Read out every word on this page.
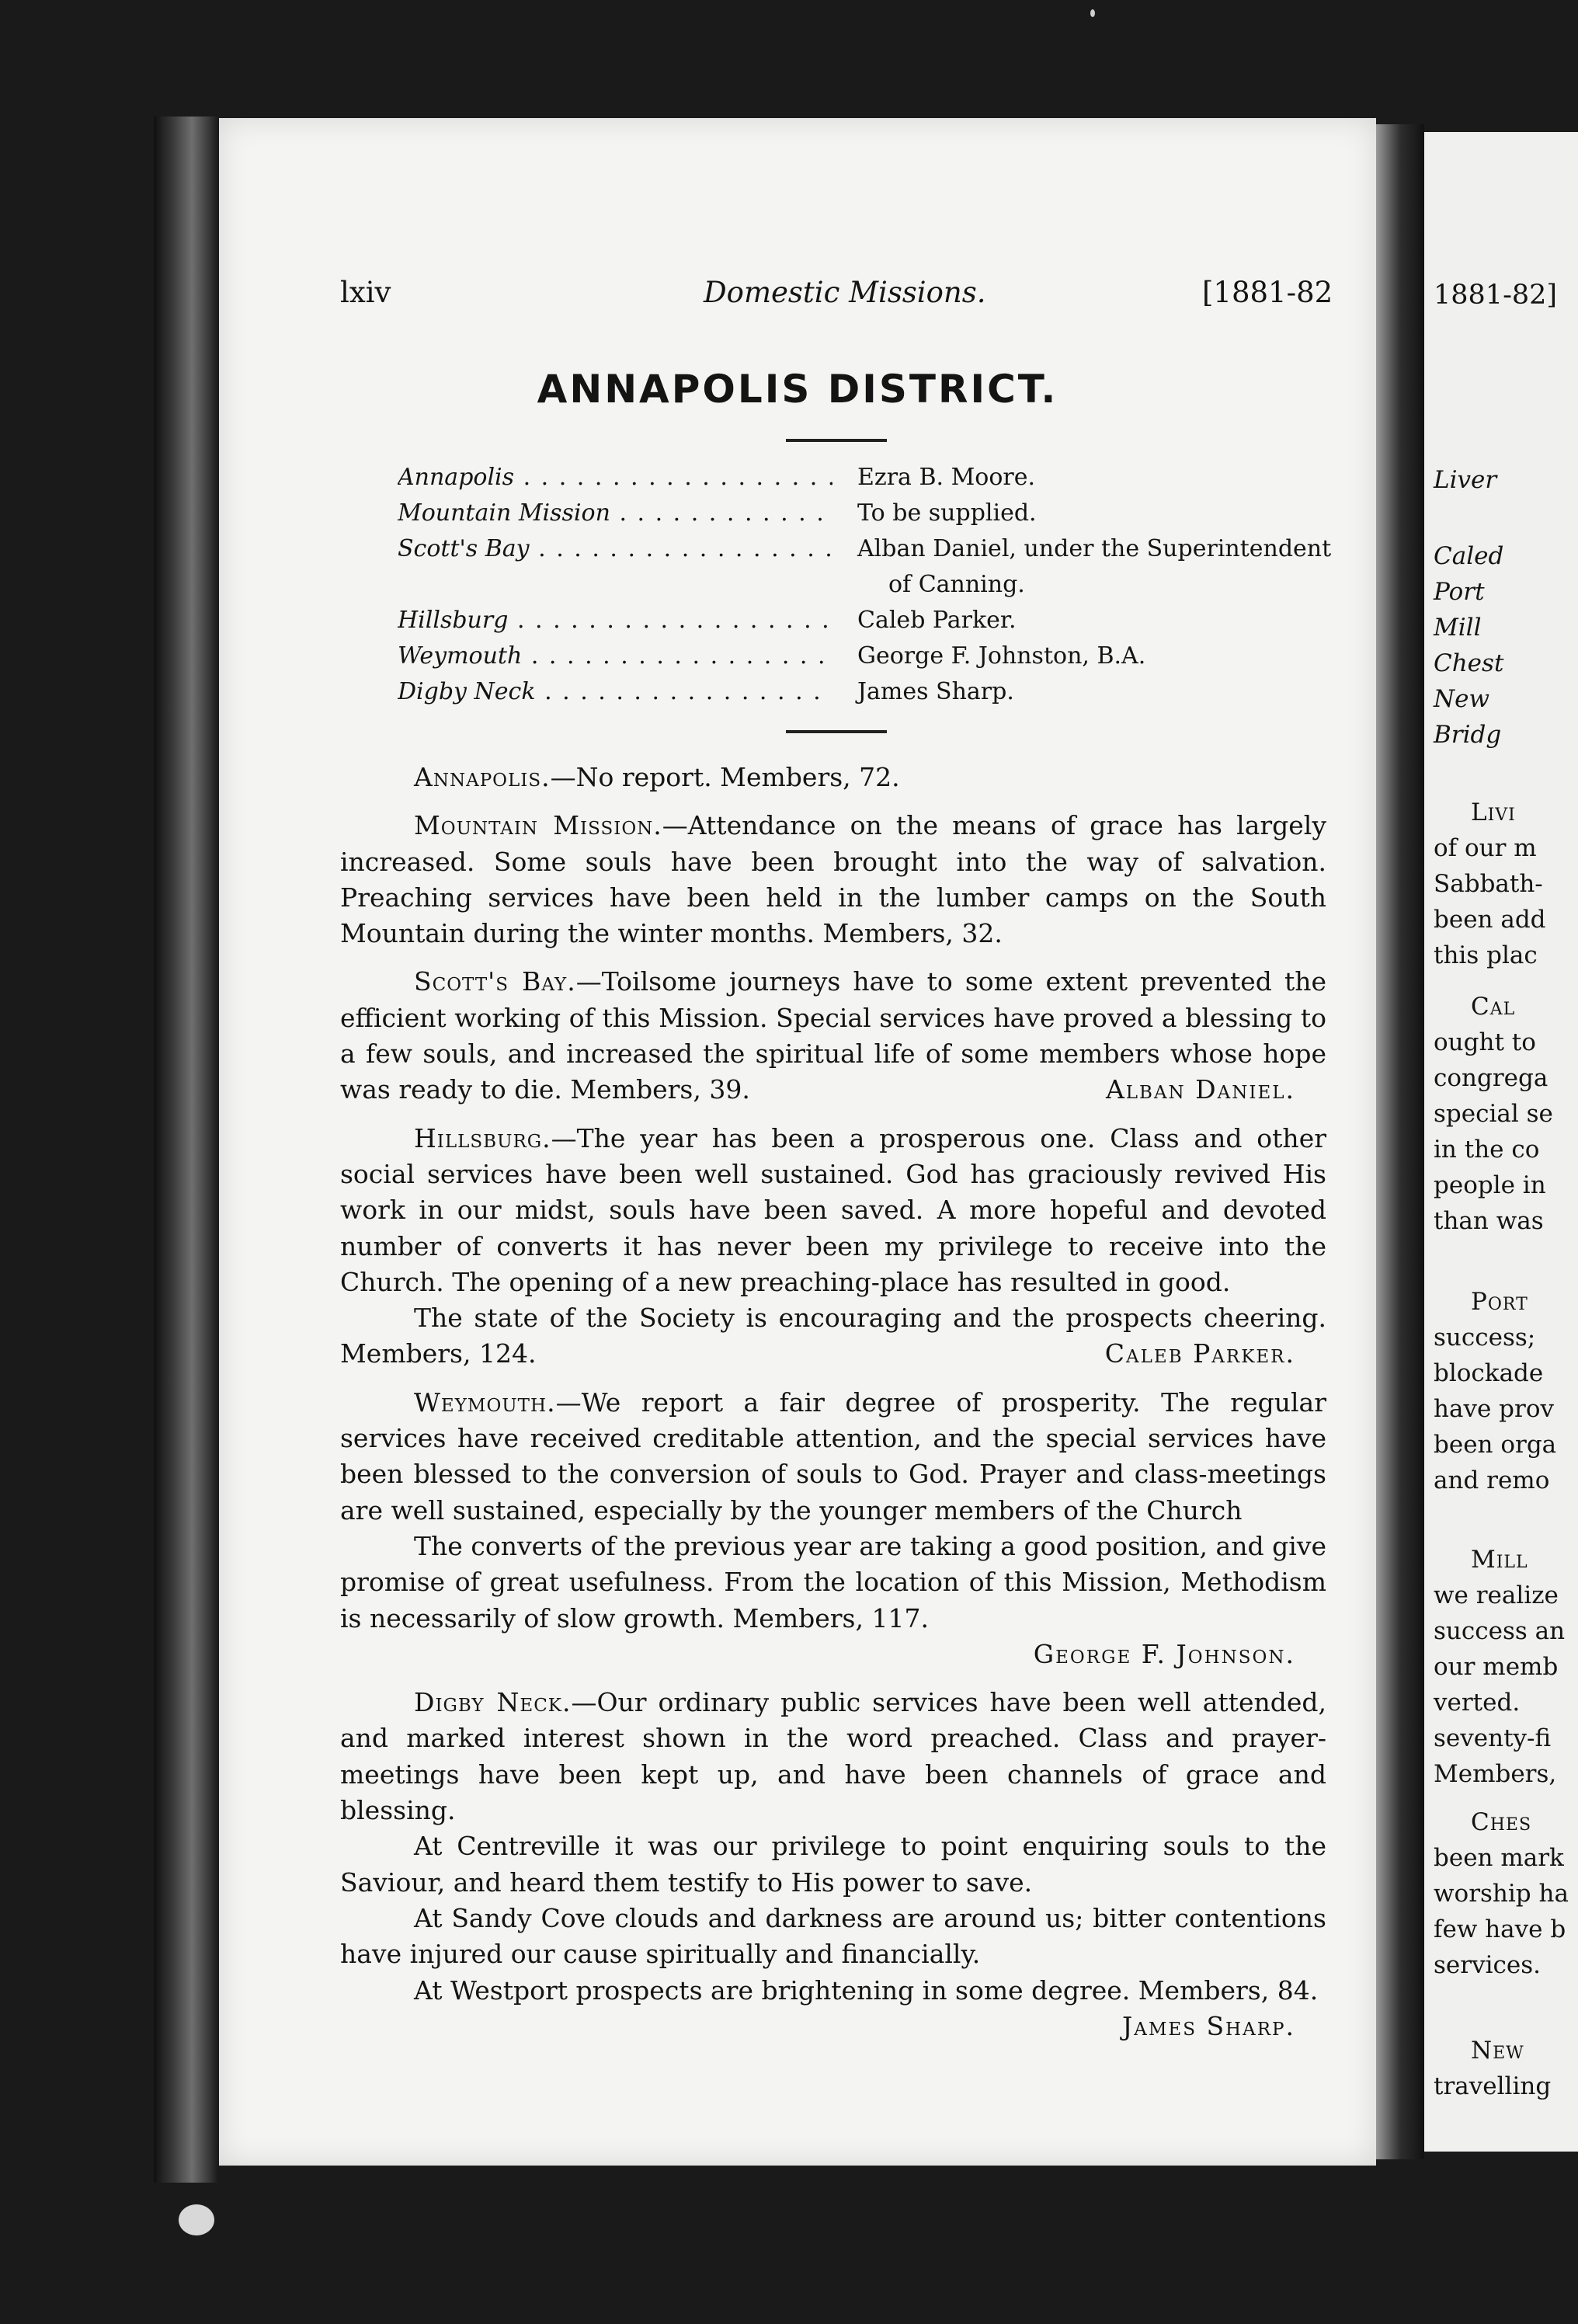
lxiv	Domestic Missions.	[1881-82
ANNAPOLIS DISTRICT.
Annapolis . . .	Ezra B. Moore.
Mountain Mission . . .	To be supplied.
Scott's Bay . . .	Alban Daniel, under the Superintendent
of Canning.
Hillsburg . . .	Caleb Parker.
Weymouth . . .	George F. Johnston, B.A.
Digby Neck . . .	James Sharp.

Annapolis.—No report. Members, 72.

Mountain Mission.—Attendance on the means of grace has largely increased. Some souls have been brought into the way of salvation. Preaching services have been held in the lumber camps on the South Mountain during the winter months. Members, 32.

Scott's Bay.—Toilsome journeys have to some extent prevented the efficient working of this Mission. Special services have proved a blessing to a few souls, and increased the spiritual life of some members whose hope was ready to die. Members, 39.	Alban Daniel.

Hillsburg.—The year has been a prosperous one. Class and other social services have been well sustained. God has graciously revived His work in our midst, souls have been saved. A more hopeful and devoted number of converts it has never been my privilege to receive into the Church. The opening of a new preaching-place has resulted in good.

The state of the Society is encouraging and the prospects cheering. Members, 124.	Caleb Parker.

Weymouth.—We report a fair degree of prosperity. The regular services have received creditable attention, and the special services have been blessed to the conversion of souls to God. Prayer and class-meetings are well sustained, especially by the younger members of the Church

The converts of the previous year are taking a good position, and give promise of great usefulness. From the location of this Mission, Methodism is necessarily of slow growth. Members, 117.

George F. Johnson.

Digby Neck.—Our ordinary public services have been well attended, and marked interest shown in the word preached. Class and prayer-meetings have been kept up, and have been channels of grace and blessing.

At Centreville it was our privilege to point enquiring souls to the Saviour, and heard them testify to His power to save.

At Sandy Cove clouds and darkness are around us; bitter contentions have injured our cause spiritually and financially.

At Westport prospects are brightening in some degree. Members, 84.
James Sharp.

1881-82]
Liver
Caled
Port
Mill
Chest
New
Bridg
Livi
of our m
Sabbath-
been add
this plac
Cal
ought to
congrega
special se
in the co
people in
than was
Port
success;
blockade
have prov
been orga
and remo
Mill
we realize
success an
our memb
verted.
seventy-fi
Members,
Ches
been mark
worship ha
few have b
services.
New
travelling
